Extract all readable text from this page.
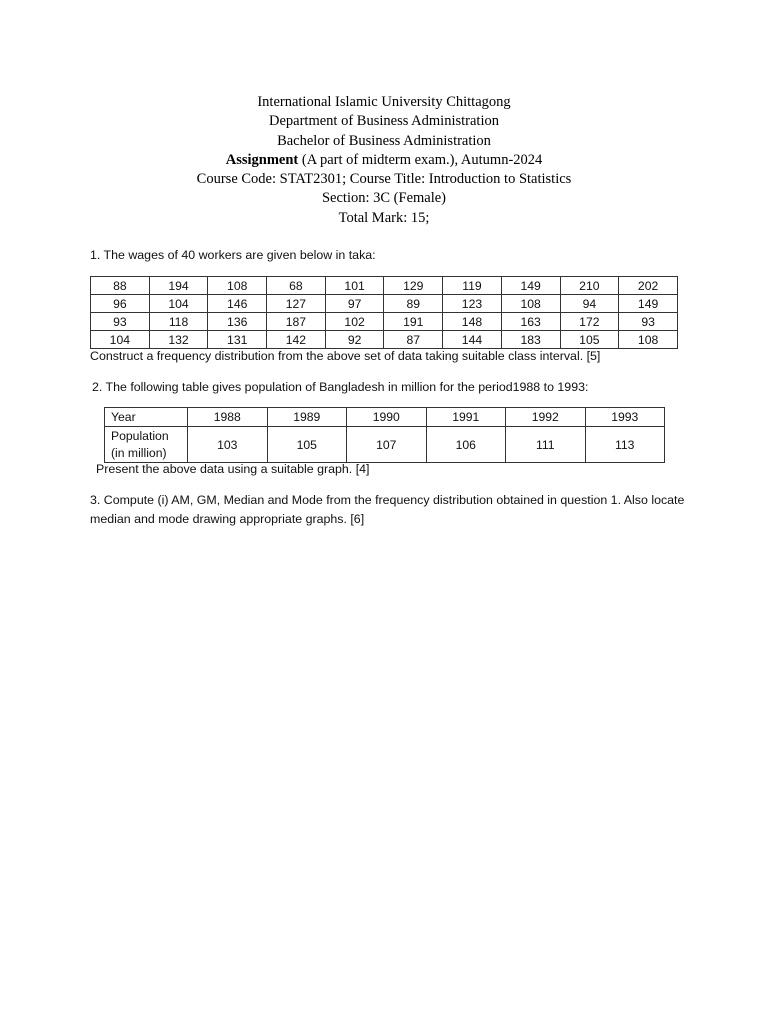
International Islamic University Chittagong
Department of Business Administration
Bachelor of Business Administration
Assignment (A part of midterm exam.), Autumn-2024
Course Code: STAT2301; Course Title: Introduction to Statistics
Section: 3C (Female)
Total Mark: 15;
1. The wages of 40 workers are given below in taka:
88	194	108	68	101	129	119	149	210	202
96	104	146	127	97	89	123	108	94	149
93	118	136	187	102	191	148	163	172	93
104	132	131	142	92	87	144	183	105	108
Construct a frequency distribution from the above set of data taking suitable class interval. [5]
2. The following table gives population of Bangladesh in million for the period1988 to 1993:
Year	1988	1989	1990	1991	1992	1993
Population
(in million)	103	105	107	106	111	113
Present the above data using a suitable graph. [4]
3. Compute (i) AM, GM, Median and Mode from the frequency distribution obtained in question 1. Also locate median and mode drawing appropriate graphs. [6]
